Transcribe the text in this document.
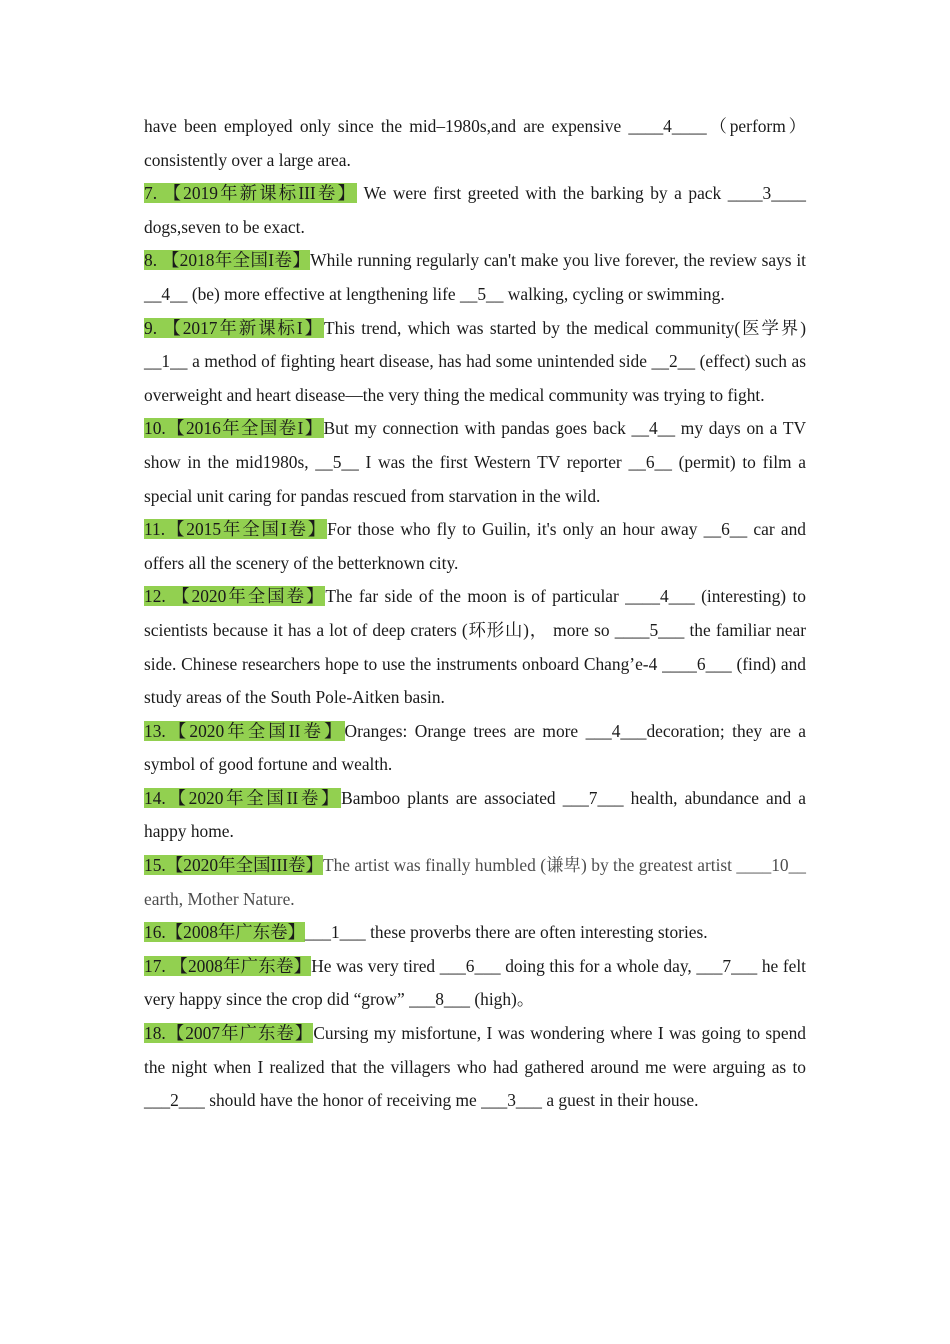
have been employed only since the mid–1980s,and are expensive ____4____（perform） consistently over a large area.

7. 【2019年新课标III卷】 We were first greeted with the barking by a pack ____3____ dogs,seven to be exact.

8. 【2018年全国I卷】While running regularly can't make you live forever, the review says it __4__ (be) more effective at lengthening life __5__ walking, cycling or swimming.

9. 【2017年新课标I】This trend, which was started by the medical community(医学界) __1__ a method of fighting heart disease, has had some unintended side __2__ (effect) such as overweight and heart disease—the very thing the medical community was trying to fight.

10.【2016年全国卷I】But my connection with pandas goes back __4__ my days on a TV show in the mid1980s, __5__ I was the first Western TV reporter __6__ (permit) to film a special unit caring for pandas rescued from starvation in the wild.

11.【2015年全国I卷】For those who fly to Guilin, it's only an hour away __6__ car and offers all the scenery of the betterknown city.

12. 【2020年全国卷】The far side of the moon is of particular ____4___ (interesting) to scientists because it has a lot of deep craters (环形山)， more so ____5___ the familiar near side. Chinese researchers hope to use the instruments onboard Chang’e-4 ____6___ (find) and study areas of the South Pole-Aitken basin.

13.【2020年全国II卷】Oranges: Orange trees are more ___4___decoration; they are a symbol of good fortune and wealth.

14.【2020年全国II卷】Bamboo plants are associated ___7___ health, abundance and a happy home.

15.【2020年全国III卷】The artist was finally humbled (谦卑) by the greatest artist ____10__ earth, Mother Nature.

16.【2008年广东卷】___1___ these proverbs there are often interesting stories.

17. 【2008年广东卷】He was very tired ___6___ doing this for a whole day, ___7___ he felt very happy since the crop did “grow” ___8___ (high)。

18.【2007年广东卷】Cursing my misfortune, I was wondering where I was going to spend the night when I realized that the villagers who had gathered around me were arguing as to ___2___ should have the honor of receiving me ___3___ a guest in their house.
